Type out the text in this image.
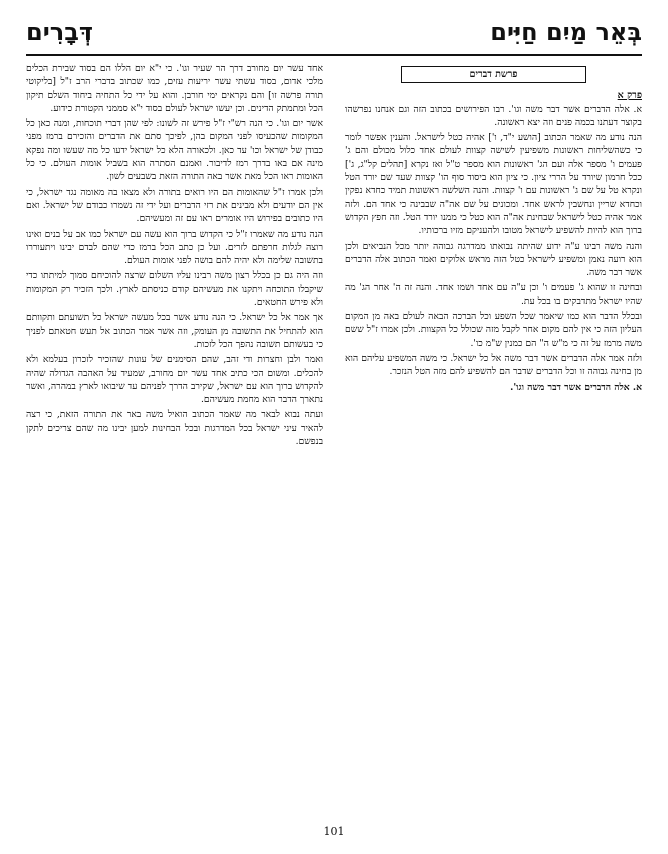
בְּאֵר מַיִם חַיִּים
דְּבָרִים
פרשת דברים
פרק א

א. אלה הדברים אשר דבר משה וגו'. רבו הפירושים בכתוב הזה וגם אנחנו נפרשהו בקוצר דעתנו בכמה פנים וזה יצא ראשונה.

הנה נודע מה שאמר הכתוב [הושע י"ד, ו'] אהיה כטל לישראל. והענין אפשר לומר כי כשהשליחות ראשונות משפיעין לשישה קצוות לעולם אחד כלול מכולם והם ג' פעמים ו' מספר אלה ועם הג' ראשונות הוא מספר ט"ל ואז נקרא [תהלים קל"ג, ג'] ככל חרמון שיורד על הררי ציון. כי ציון הוא ביסוד סוף הו' קצוות שעד שם יורד הטל ונקרא טל על שם ג' ראשונות עם ו' קצוות. והנה השלשה ראשונות תמיד כחדא נפקין וכחדא שריין ונחשבין לראש אחד. ומכונים על שם אה"ה שבבינה כי אחד הם. ולזה אמר אהיה כטל לישראל שבחינת אה"ה הוא כטל כי ממנו יורד הטל. וזה חפץ הקדוש ברוך הוא להיות להשפיע לישראל מטובו ולהעניקם מזיו ברכותיו.

והנה משה רבינו ע"ה ידוע שהיתה נבואתו ממדרגה גבוהה יותר מכל הנביאים ולכן הוא רועה נאמן ומשפיע לישראל כטל הזה מראש אלוקים ואמר הכתוב אלה הדברים אשר דבר משה.

ובחינה זו שהוא ג' פעמים ו' וכן ע"ה עם אחד ושמו אחד. והנה זה ה' אחר הג' מה שהיו ישראל מתדבקים בו בכל עת.

ובכלל הדבר הוא כמו שיאמר שכל השפע וכל הברכה הבאה לעולם באה מן המקום העליון הזה כי אין להם מקום אחר לקבל מזה שכולל כל הקצוות. ולכן אמרו ז"ל ששם משה מרמז על זה כי מ"ש ה" הם כמנין ש"מ כו'.

ולזה אמר אלה הדברים אשר דבר משה אל כל ישראל. כי משה המשפיע עליהם הוא מן בחינה גבוהה זו וכל הדברים שדבר הם להשפיע להם מזה הטל הנזכר.

א. אלה הדברים אשר דבר משה וגו'.

אחד עשר יום מחורב דרך הר שעיר וגו'. כי י"א יום הללו הם בסוד שבירת הכלים מלכי אדום, בסוד עשתי עשר יריעות עזים, כמו שכתוב בדברי הרב ז"ל [בליקוטי תורה פרשה זו] והם נקראים ימי חורבן. והוא על ידי כל התחיה ביחוד השלם תיקון הכל ומתמתק הדינים. וכן יעשו ישראל לעולם בסוד י"א סממני הקטורת כידוע.

אשר יום וגו'. כי הנה רש"י ז"ל פירש זה לשונו: לפי שהן דברי תוכחות, ומנה כאן כל המקומות שהכעיסו לפני המקום בהן, לפיכך סתם את הדברים והזכירם ברמז מפני כבודן של ישראל וכו' עד כאן. ולכאורה הלא כל ישראל ידעו כל מה שעשו ומה נפקא מינה אם באו בדרך רמז לדיבור. ואמנם הסתרה הוא בשביל אומות העולם. כי כל האומות ראו הכל מאת אשר באה התורה הזאת בשבעים לשון.

ולכן אמרו ז"ל שהאומות הם היו רואים בתורה ולא מצאו בה מאומה נגד ישראל, כי אין הם יודעים ולא מבינים את רזי הדברים ועל ידי זה נשמרו כבודם של ישראל. ואם היו כתובים בפירוש היו אומרים ראו עם זה ומעשיהם.

הנה נודע מה שאמרו ז"ל כי הקדוש ברוך הוא עשה עם ישראל כמו אב על בנים ואינו רוצה לגלות חרפתם לזרים. ועל כן כתב הכל ברמז כדי שהם לבדם יבינו ויתעוררו בתשובה שלימה ולא יהיה להם בושה לפני אומות העולם.

וזה היה גם כן בכלל רצון משה רבינו עליו השלום שרצה להוכיחם סמוך למיתתו כדי שיקבלו התוכחה ויתקנו את מעשיהם קודם כניסתם לארץ. ולכך הזכיר רק המקומות ולא פירש החטאים.

אך אמר אל כל ישראל. כי הנה נודע אשר בכל מעשה ישראל כל תשועתם ותקוותם הוא להתחיל את התשובה מן העומק, וזה אשר אמר הכתוב אל תעש חטאתם לפניך כי בעשותם תשובה נהפך הכל לזכות.

ואמר ולבן וחצרות ודי זהב, שהם הסימנים של עונות שהזכיר לזכרון בעלמא ולא להכלים. ומשום הכי כתיב אחד עשר יום מחורב, שמעיד על האהבה הגדולה שהיה להקדוש ברוך הוא עם ישראל, שקירב הדרך לפניהם עד שיבואו לארץ במהרה, ואשר נתארך הדבר הוא מחמת מעשיהם.

ועתה נבוא לבאר מה שאמר הכתוב הואיל משה באר את התורה הזאת, כי רצה להאיר עיני ישראל בכל המדרגות ובכל הבחינות למען יבינו מה שהם צריכים לתקן בנפשם.

101
